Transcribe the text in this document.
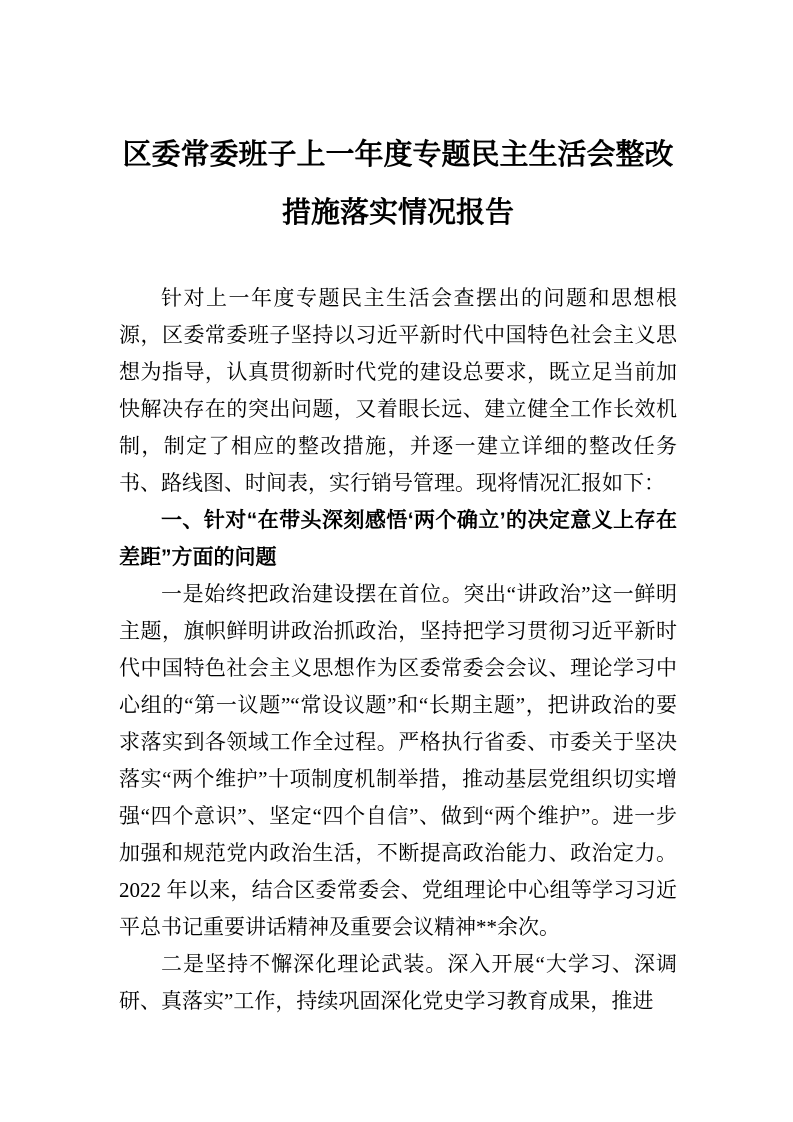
区委常委班子上一年度专题民主生活会整改措施落实情况报告

针对上一年度专题民主生活会查摆出的问题和思想根源，区委常委班子坚持以习近平新时代中国特色社会主义思想为指导，认真贯彻新时代党的建设总要求，既立足当前加快解决存在的突出问题，又着眼长远、建立健全工作长效机制，制定了相应的整改措施，并逐一建立详细的整改任务书、路线图、时间表，实行销号管理。现将情况汇报如下：

一、针对“在带头深刻感悟‘两个确立’的决定意义上存在差距”方面的问题

一是始终把政治建设摆在首位。突出“讲政治”这一鲜明主题，旗帜鲜明讲政治抓政治，坚持把学习贯彻习近平新时代中国特色社会主义思想作为区委常委会会议、理论学习中心组的“第一议题”“常设议题”和“长期主题”，把讲政治的要求落实到各领域工作全过程。严格执行省委、市委关于坚决落实“两个维护”十项制度机制举措，推动基层党组织切实增强“四个意识”、坚定“四个自信”、做到“两个维护”。进一步加强和规范党内政治生活，不断提高政治能力、政治定力。2022 年以来，结合区委常委会、党组理论中心组等学习习近平总书记重要讲话精神及重要会议精神**余次。

二是坚持不懈深化理论武装。深入开展“大学习、深调研、真落实”工作，持续巩固深化党史学习教育成果，推进
